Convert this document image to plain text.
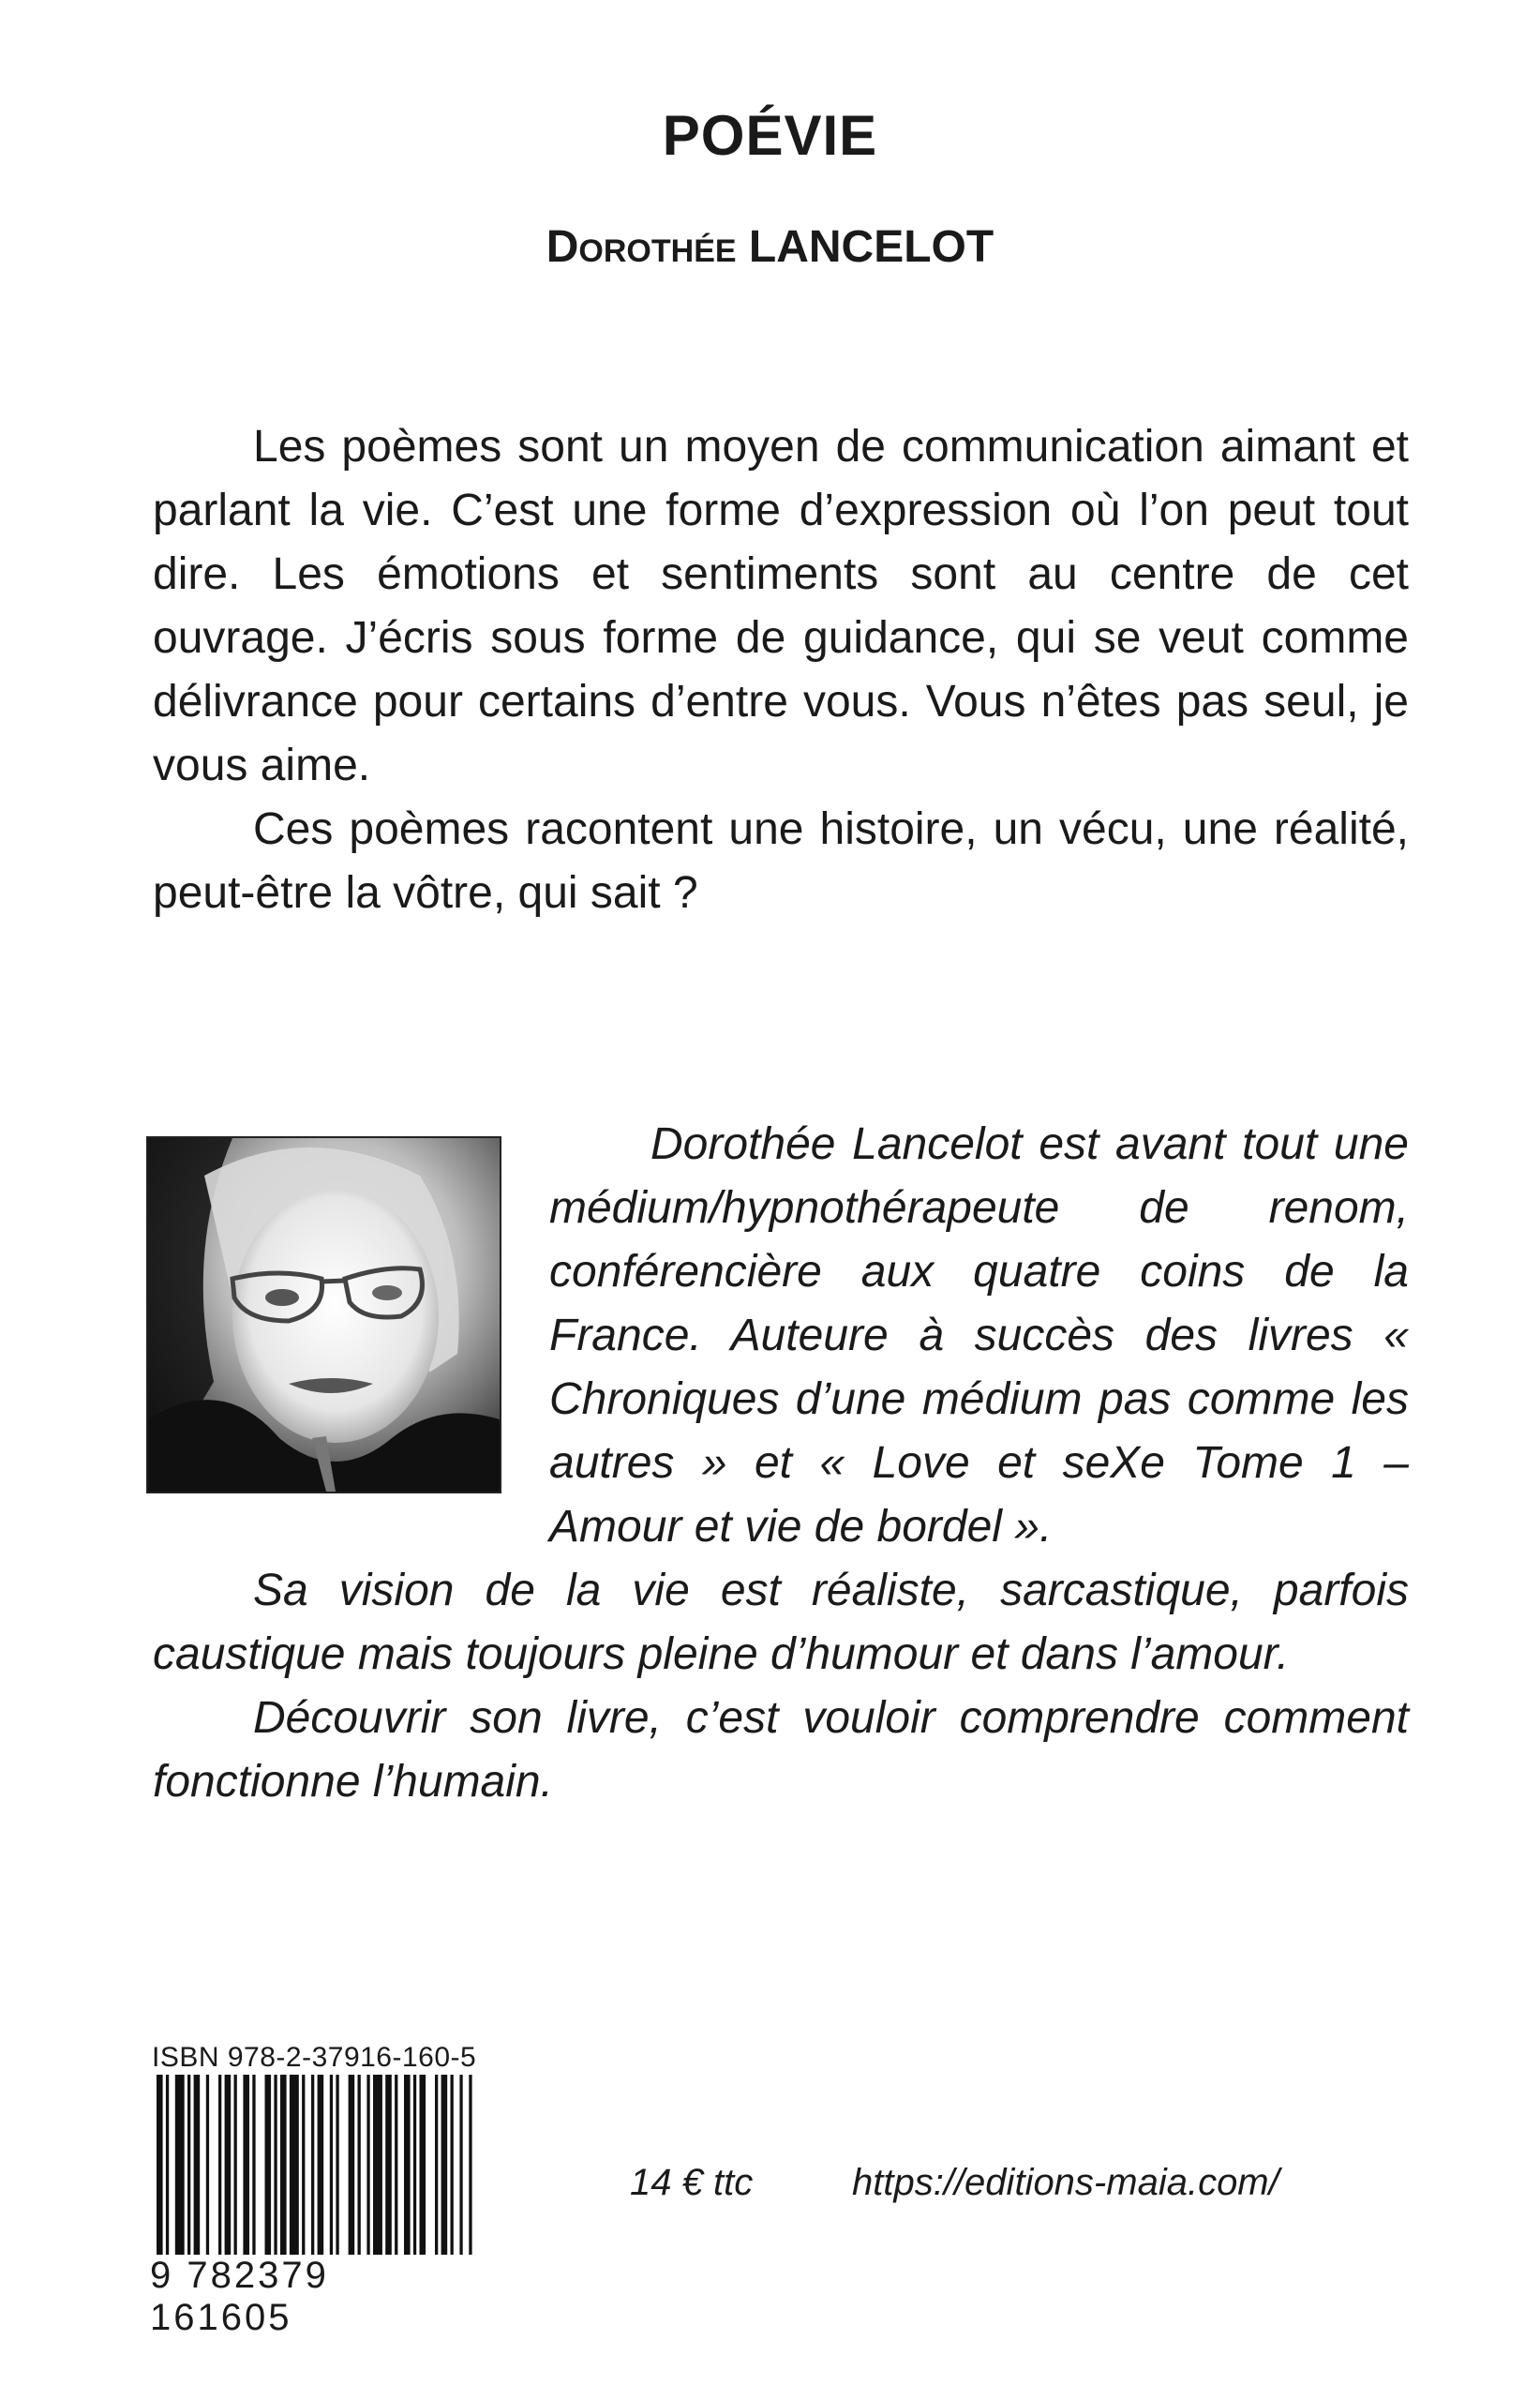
POÉVIE
Dorothée LANCELOT

Les poèmes sont un moyen de communication aimant et parlant la vie. C’est une forme d’expression où l’on peut tout dire. Les émotions et sentiments sont au centre de cet ouvrage. J’écris sous forme de guidance, qui se veut comme délivrance pour certains d’entre vous. Vous n’êtes pas seul, je vous aime.

Ces poèmes racontent une histoire, un vécu, une réalité, peut-être la vôtre, qui sait ?

Dorothée Lancelot est avant tout une médium/hypnothérapeute de renom, conférencière aux quatre coins de la France. Auteure à succès des livres « Chroniques d’une médium pas comme les autres » et « Love et seXe Tome 1 – Amour et vie de bordel ».

Sa vision de la vie est réaliste, sarcastique, parfois caustique mais toujours pleine d’humour et dans l’amour.

Découvrir son livre, c’est vouloir comprendre comment fonctionne l’humain.

ISBN 978-2-37916-160-5
9 782379 161605
14 € ttc	https://editions-maia.com/
